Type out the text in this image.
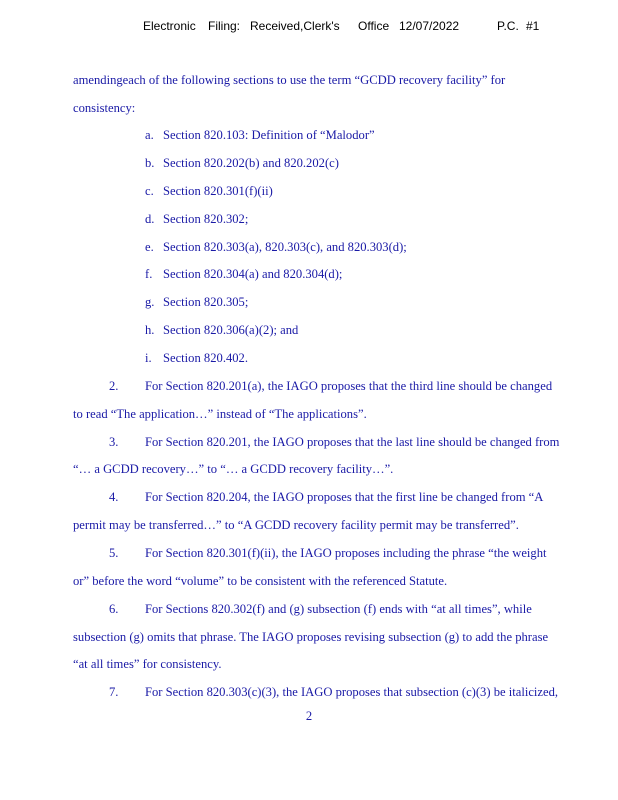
Electronic Filing: Received,Clerk's Office 12/07/2022	P.C. #1
amendingeach of the following sections to use the term “GCDD recovery facility” for
consistency:
a. Section 820.103: Definition of “Malodor”
b. Section 820.202(b) and 820.202(c)
c. Section 820.301(f)(ii)
d. Section 820.302;
e. Section 820.303(a), 820.303(c), and 820.303(d);
f. Section 820.304(a) and 820.304(d);
g. Section 820.305;
h. Section 820.306(a)(2); and
i. Section 820.402.
2. For Section 820.201(a), the IAGO proposes that the third line should be changed
to read “The application…” instead of “The applications”.
3. For Section 820.201, the IAGO proposes that the last line should be changed from
“… a GCDD recovery…” to “… a GCDD recovery facility…”.
4. For Section 820.204, the IAGO proposes that the first line be changed from “A
permit may be transferred…” to “A GCDD recovery facility permit may be transferred”.
5. For Section 820.301(f)(ii), the IAGO proposes including the phrase “the weight
or” before the word “volume” to be consistent with the referenced Statute.
6. For Sections 820.302(f) and (g) subsection (f) ends with “at all times”, while
subsection (g) omits that phrase. The IAGO proposes revising subsection (g) to add the phrase
“at all times” for consistency.
7. For Section 820.303(c)(3), the IAGO proposes that subsection (c)(3) be italicized,
2
